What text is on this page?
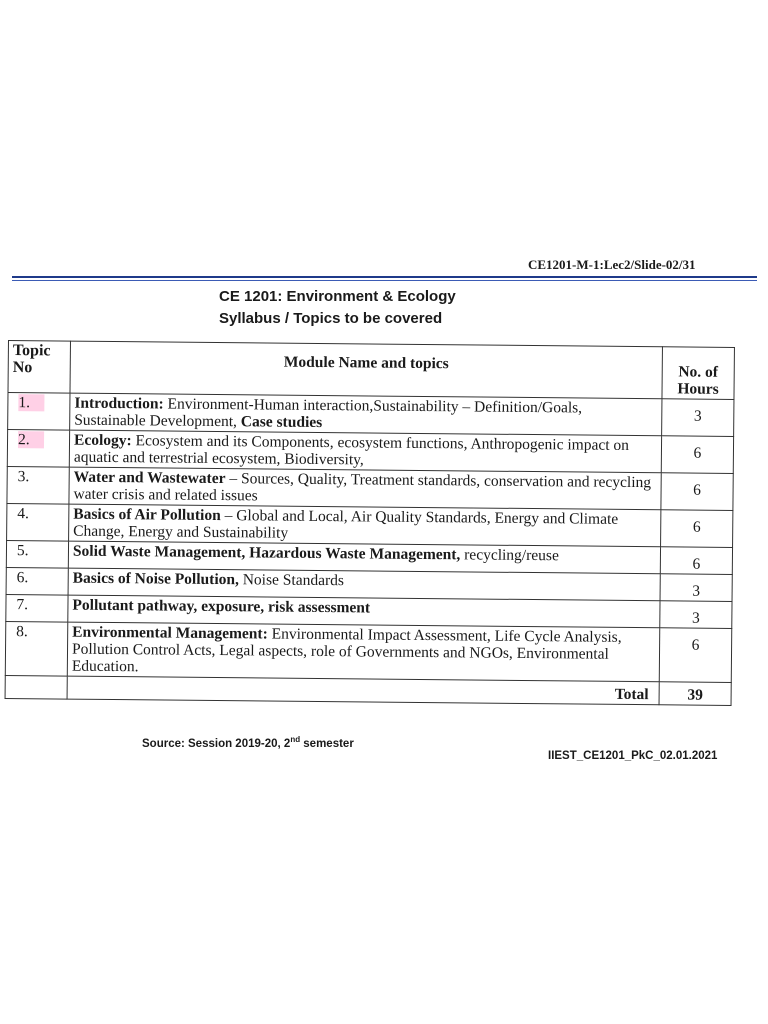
CE1201-M-1:Lec2/Slide-02/31
CE 1201: Environment & Ecology
Syllabus / Topics to be covered
Topic No	Module Name and topics	No. of Hours
1.	Introduction: Environment-Human interaction,Sustainability – Definition/Goals, Sustainable Development, Case studies	3
2.	Ecology: Ecosystem and its Components, ecosystem functions, Anthropogenic impact on aquatic and terrestrial ecosystem, Biodiversity,	6
3.	Water and Wastewater – Sources, Quality, Treatment standards, conservation and recycling water crisis and related issues	6
4.	Basics of Air Pollution – Global and Local, Air Quality Standards, Energy and Climate Change, Energy and Sustainability	6
5.	Solid Waste Management, Hazardous Waste Management, recycling/reuse	6
6.	Basics of Noise Pollution, Noise Standards	3
7.	Pollutant pathway, exposure, risk assessment	3
8.	Environmental Management: Environmental Impact Assessment, Life Cycle Analysis, Pollution Control Acts, Legal aspects, role of Governments and NGOs, Environmental Education.	6
	Total	39
Source: Session 2019-20, 2nd semester
IIEST_CE1201_PkC_02.01.2021
